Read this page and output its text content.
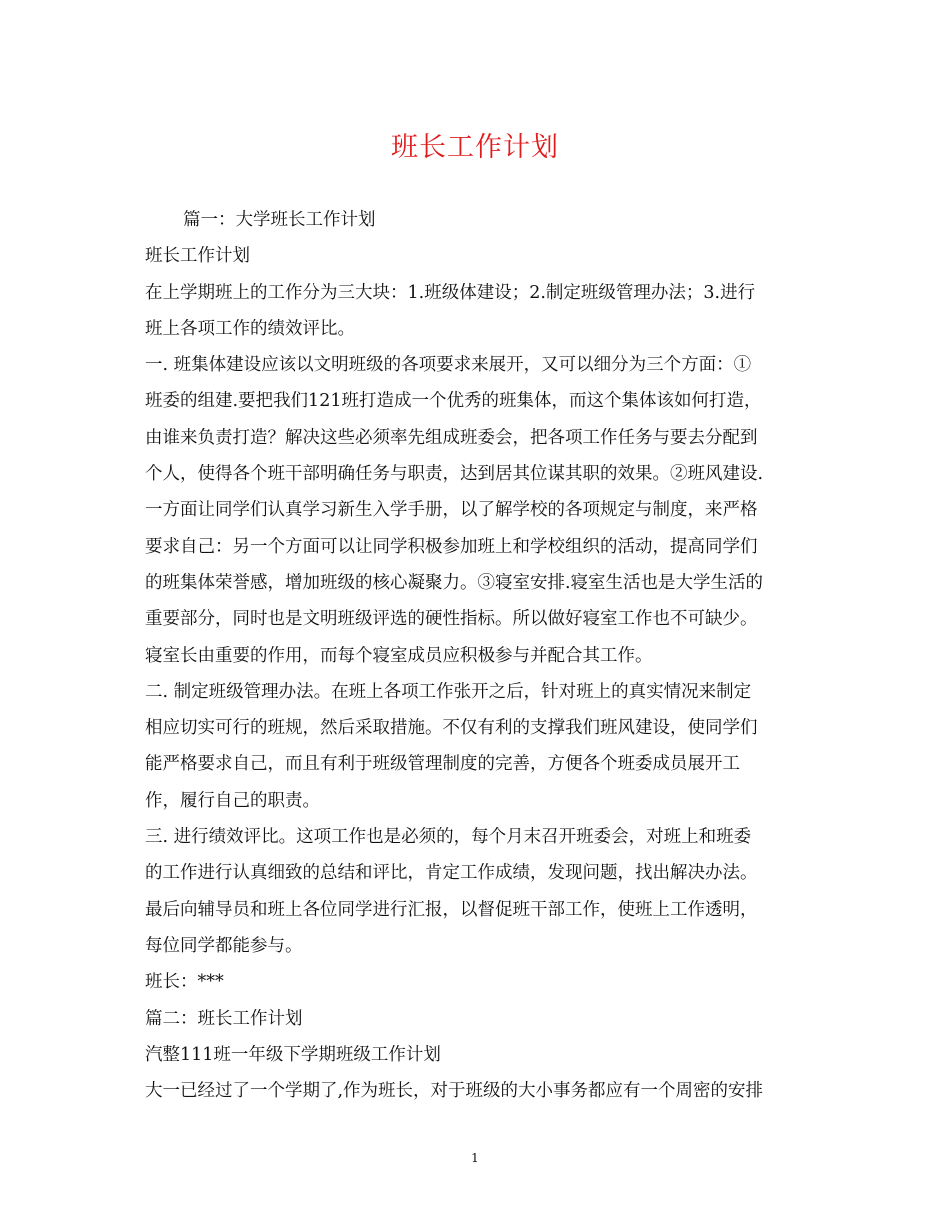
班长工作计划
篇一：大学班长工作计划
班长工作计划
在上学期班上的工作分为三大块：1.班级体建设；2.制定班级管理办法；3.进行
班上各项工作的绩效评比。
一. 班集体建设应该以文明班级的各项要求来展开，又可以细分为三个方面：①
班委的组建.要把我们121班打造成一个优秀的班集体，而这个集体该如何打造，
由谁来负责打造？解决这些必须率先组成班委会，把各项工作任务与要去分配到
个人，使得各个班干部明确任务与职责，达到居其位谋其职的效果。②班风建设.
一方面让同学们认真学习新生入学手册，以了解学校的各项规定与制度，来严格
要求自己：另一个方面可以让同学积极参加班上和学校组织的活动，提高同学们
的班集体荣誉感，增加班级的核心凝聚力。③寝室安排.寝室生活也是大学生活的
重要部分，同时也是文明班级评选的硬性指标。所以做好寝室工作也不可缺少。
寝室长由重要的作用，而每个寝室成员应积极参与并配合其工作。
二. 制定班级管理办法。在班上各项工作张开之后，针对班上的真实情况来制定
相应切实可行的班规，然后采取措施。不仅有利的支撑我们班风建设，使同学们
能严格要求自己，而且有利于班级管理制度的完善，方便各个班委成员展开工
作，履行自己的职责。
三. 进行绩效评比。这项工作也是必须的，每个月末召开班委会，对班上和班委
的工作进行认真细致的总结和评比，肯定工作成绩，发现问题，找出解决办法。
最后向辅导员和班上各位同学进行汇报，以督促班干部工作，使班上工作透明，
每位同学都能参与。
班长：***
篇二：班长工作计划
汽整111班一年级下学期班级工作计划
大一已经过了一个学期了,作为班长，对于班级的大小事务都应有一个周密的安排
1
